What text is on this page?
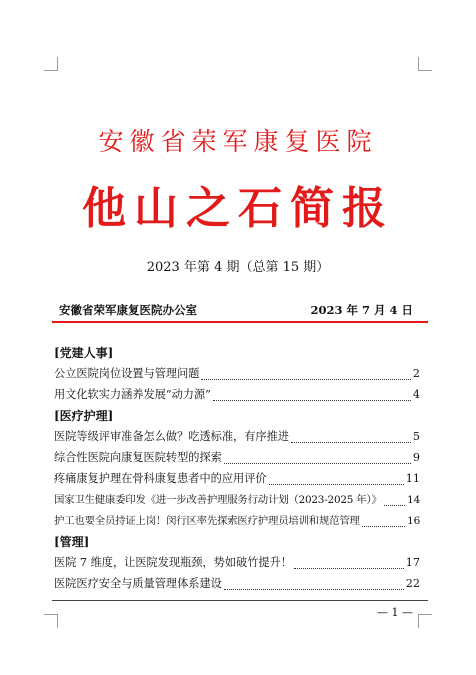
安徽省荣军康复医院
他山之石简报
2023 年第 4 期（总第 15 期）
安徽省荣军康复医院办公室	2023 年 7 月 4 日
[党建人事]
公立医院岗位设置与管理问题	2
用文化软实力涵养发展“动力源”	4
[医疗护理]
医院等级评审准备怎么做？吃透标准，有序推进	5
综合性医院向康复医院转型的探索	9
疼痛康复护理在骨科康复患者中的应用评价	11
国家卫生健康委印发《进一步改善护理服务行动计划（2023-2025 年）》 14
护工也要全员持证上岗！闵行区率先探索医疗护理员培训和规范管理	16
[管理]
医院 7 维度，让医院发现瓶颈，势如破竹提升！	17
医院医疗安全与质量管理体系建设	22
— 1 —
